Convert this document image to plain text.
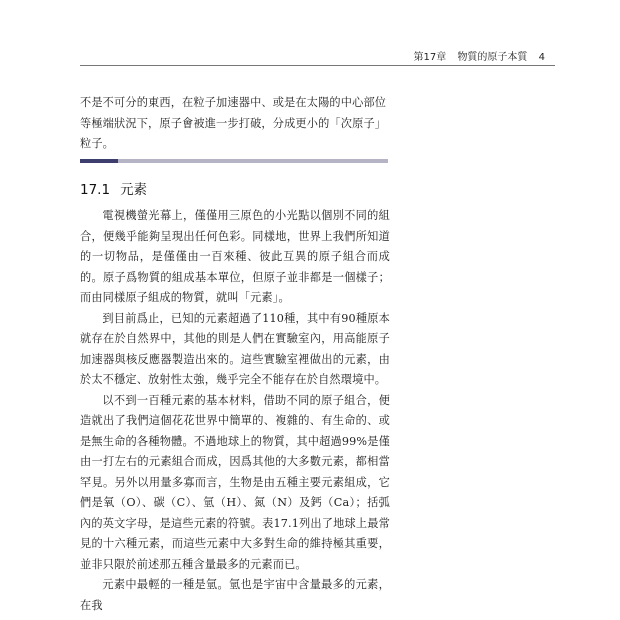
第17章 物質的原子本質 4
不是不可分的東西，在粒子加速器中、或是在太陽的中心部位等極端狀況下，原子會被進一步打破，分成更小的「次原子」粒子。
17.1 元素

電視機螢光幕上，僅僅用三原色的小光點以個別不同的組合，便幾乎能夠呈現出任何色彩。同樣地，世界上我們所知道的一切物品，是僅僅由一百來種、彼此互異的原子組合而成的。原子爲物質的組成基本單位，但原子並非都是一個樣子；而由同樣原子組成的物質，就叫「元素」。

到目前爲止，已知的元素超過了110種，其中有90種原本就存在於自然界中，其他的則是人們在實驗室內，用高能原子加速器與核反應器製造出來的。這些實驗室裡做出的元素，由於太不穩定、放射性太強，幾乎完全不能存在於自然環境中。

以不到一百種元素的基本材料，借助不同的原子組合，便造就出了我們這個花花世界中簡單的、複雜的、有生命的、或是無生命的各種物體。不過地球上的物質，其中超過99%是僅由一打左右的元素組合而成，因爲其他的大多數元素，都相當罕見。另外以用量多寡而言，生物是由五種主要元素組成，它們是氧（O）、碳（C）、氫（H）、氮（N）及鈣（Ca）；括弧內的英文字母，是這些元素的符號。表17.1列出了地球上最常見的十六種元素，而這些元素中大多對生命的維持極其重要，並非只限於前述那五種含量最多的元素而已。

元素中最輕的一種是氫。氫也是宇宙中含量最多的元素，在我
